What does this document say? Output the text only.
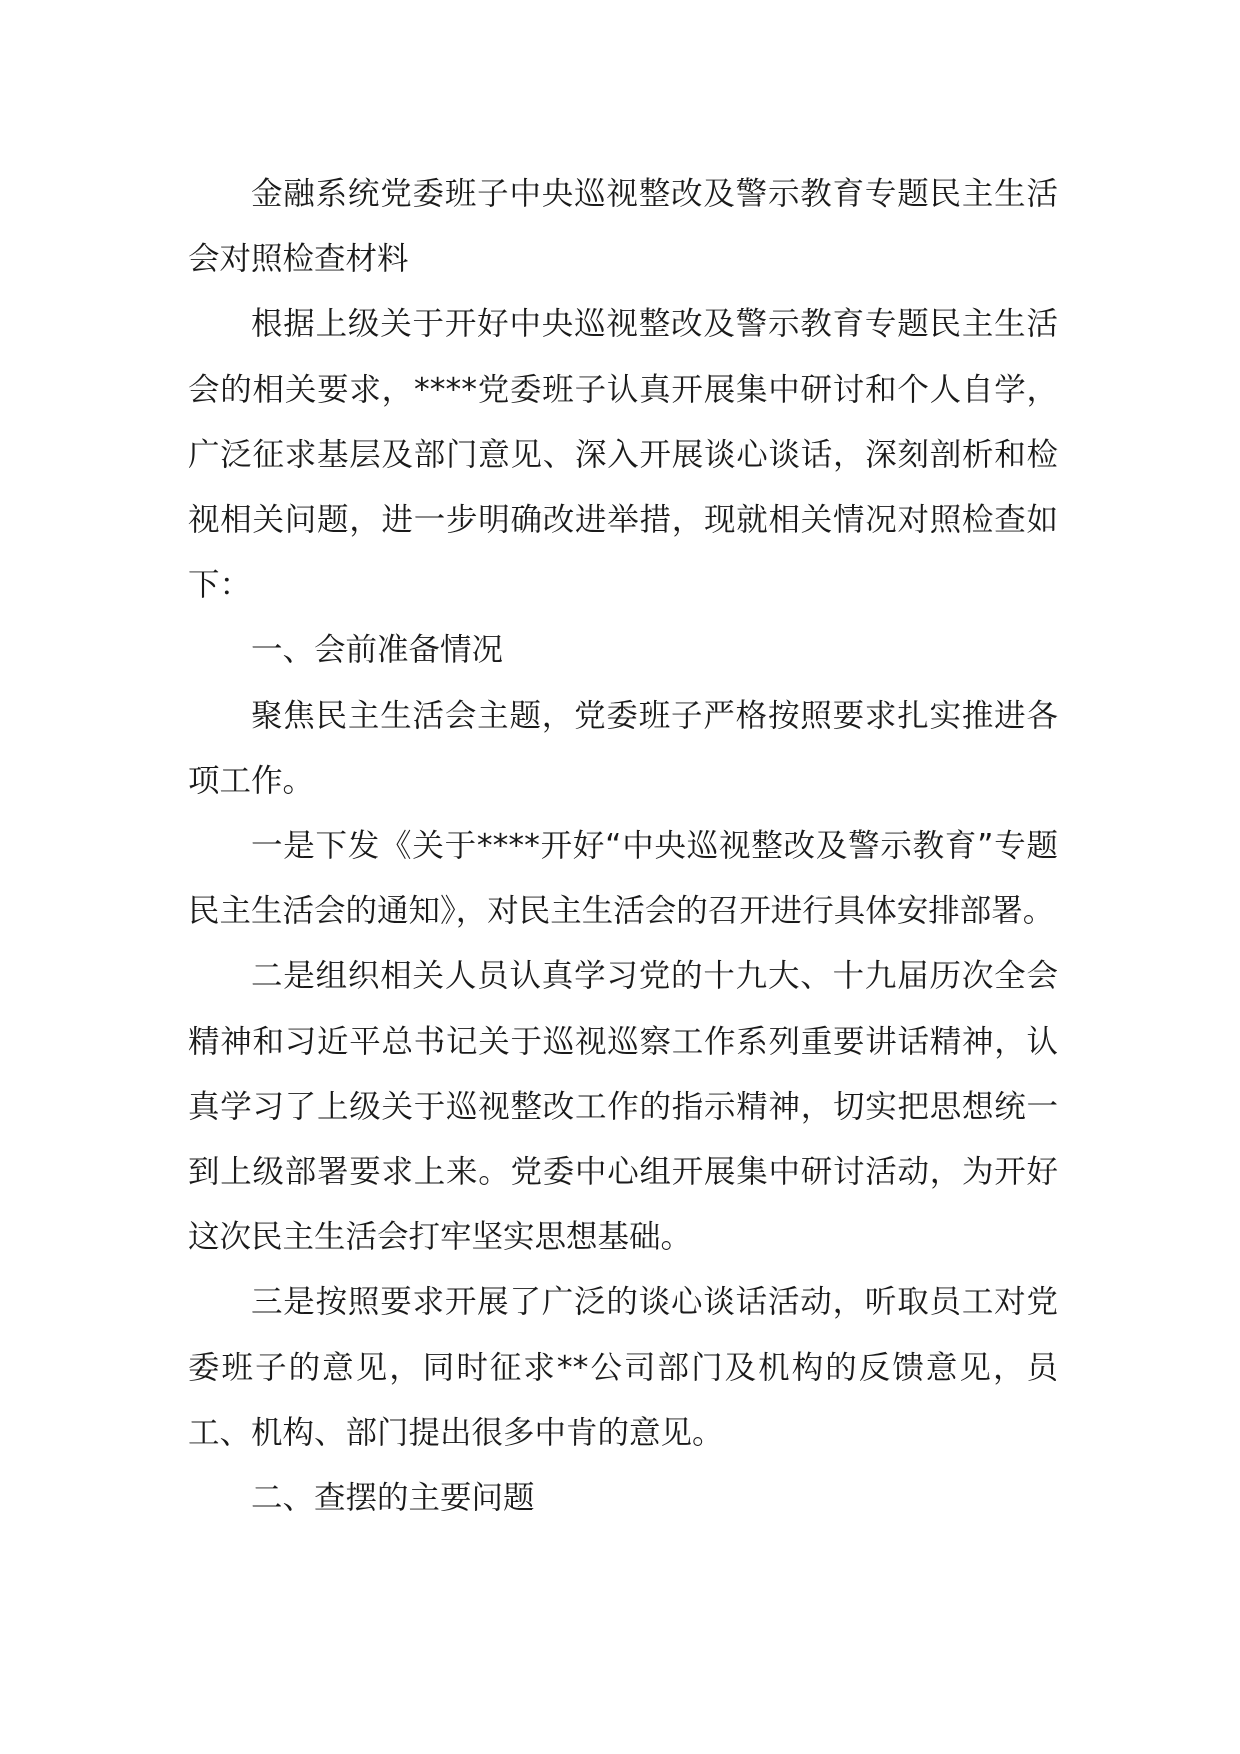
金融系统党委班子中央巡视整改及警示教育专题民主生活会对照检查材料

根据上级关于开好中央巡视整改及警示教育专题民主生活会的相关要求，****党委班子认真开展集中研讨和个人自学，广泛征求基层及部门意见、深入开展谈心谈话，深刻剖析和检视相关问题，进一步明确改进举措，现就相关情况对照检查如下：

一、会前准备情况

聚焦民主生活会主题，党委班子严格按照要求扎实推进各项工作。

一是下发《关于****开好“中央巡视整改及警示教育”专题民主生活会的通知》，对民主生活会的召开进行具体安排部署。

二是组织相关人员认真学习党的十九大、十九届历次全会精神和习近平总书记关于巡视巡察工作系列重要讲话精神，认真学习了上级关于巡视整改工作的指示精神，切实把思想统一到上级部署要求上来。党委中心组开展集中研讨活动，为开好这次民主生活会打牢坚实思想基础。

三是按照要求开展了广泛的谈心谈话活动，听取员工对党委班子的意见，同时征求**公司部门及机构的反馈意见，员工、机构、部门提出很多中肯的意见。

二、查摆的主要问题
